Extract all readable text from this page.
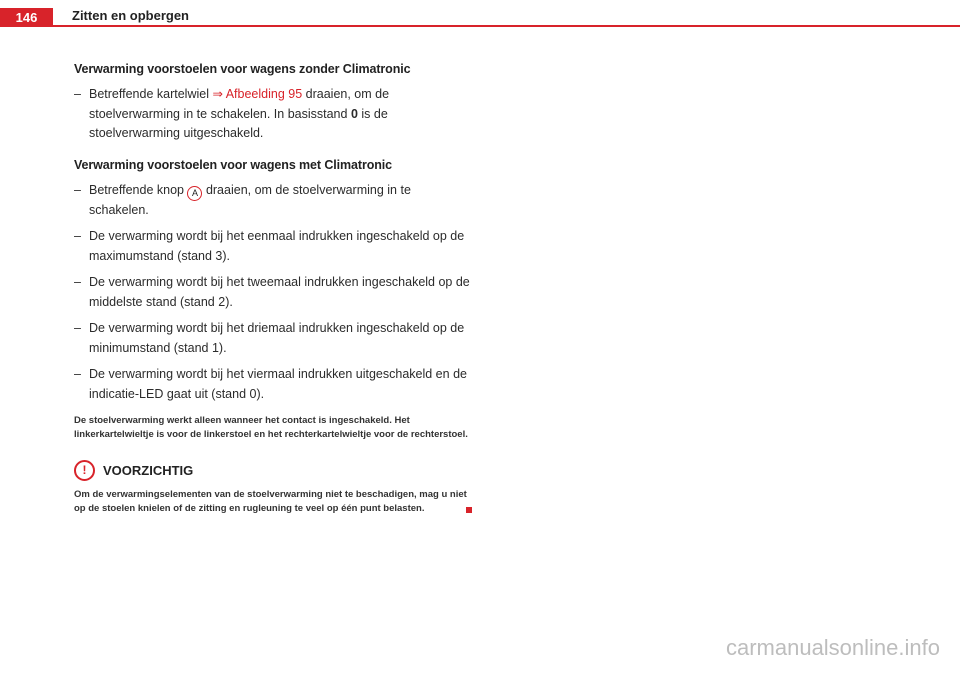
146	Zitten en opbergen
Verwarming voorstoelen voor wagens zonder Climatronic
– Betreffende kartelwiel ⇒ Afbeelding 95 draaien, om de stoelverwarming in te schakelen. In basisstand 0 is de stoelverwarming uitgeschakeld.
Verwarming voorstoelen voor wagens met Climatronic
– Betreffende knop A draaien, om de stoelverwarming in te schakelen.
– De verwarming wordt bij het eenmaal indrukken ingeschakeld op de maximumstand (stand 3).
– De verwarming wordt bij het tweemaal indrukken ingeschakeld op de middelste stand (stand 2).
– De verwarming wordt bij het driemaal indrukken ingeschakeld op de minimumstand (stand 1).
– De verwarming wordt bij het viermaal indrukken uitgeschakeld en de indicatie-LED gaat uit (stand 0).
De stoelverwarming werkt alleen wanneer het contact is ingeschakeld. Het linkerkartelwieltje is voor de linkerstoel en het rechterkartelwieltje voor de rechterstoel.
!	VOORZICHTIG
Om de verwarmingselementen van de stoelverwarming niet te beschadigen, mag u niet op de stoelen knielen of de zitting en rugleuning te veel op één punt belasten.
carmanualsonline.info
